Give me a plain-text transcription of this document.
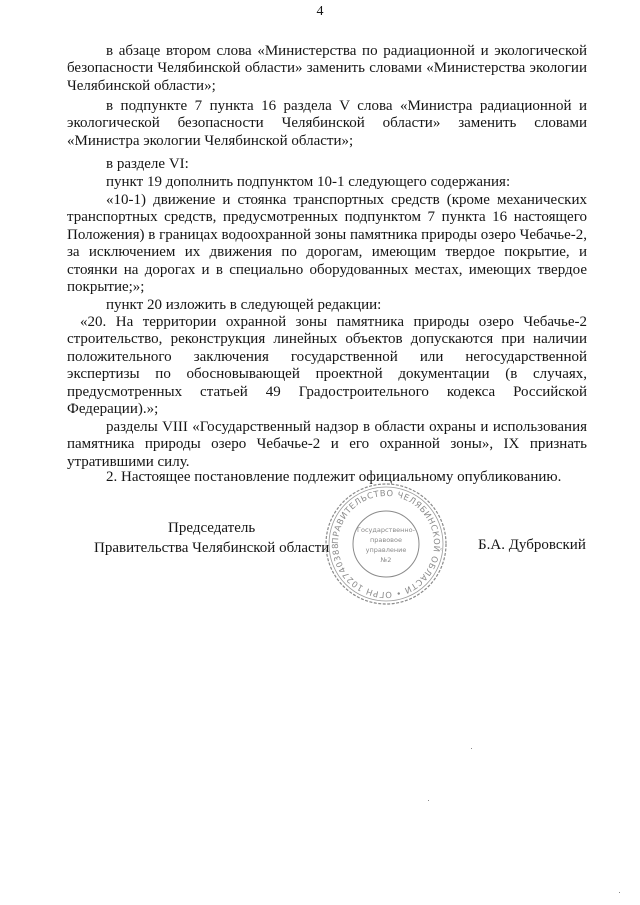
4

в абзаце втором слова «Министерства по радиационной и экологической безопасности Челябинской области» заменить словами «Министерства экологии Челябинской области»;

в подпункте 7 пункта 16 раздела V слова «Министра радиационной и экологической безопасности Челябинской области» заменить словами «Министра экологии Челябинской области»;

в разделе VI:

пункт 19 дополнить подпунктом 10-1 следующего содержания:

«10-1) движение и стоянка транспортных средств (кроме механических транспортных средств, предусмотренных подпунктом 7 пункта 16 настоящего Положения) в границах водоохранной зоны памятника природы озеро Чебачье-2, за исключением их движения по дорогам, имеющим твердое покрытие, и стоянки на дорогах и в специально оборудованных местах, имеющих твердое покрытие;»;

пункт 20 изложить в следующей редакции:

«20. На территории охранной зоны памятника природы озеро Чебачье-2 строительство, реконструкция линейных объектов допускаются при наличии положительного заключения государственной или негосударственной экспертизы по обосновывающей проектной документации (в случаях, предусмотренных статьей 49 Градостроительного кодекса Российской Федерации).»;

разделы VIII «Государственный надзор в области охраны и использования памятника природы озеро Чебачье-2 и его охранной зоны», IX признать утратившими силу.

2. Настоящее постановление подлежит официальному опубликованию.

Председатель
Правительства Челябинской области ПРАВИТЕЛЬСТВО ЧЕЛЯБИНСКОЙ ОБЛАСТИ • ОГРН 102740388
Государственно-
правовое
управление
№2
Б.А. Дубровский
